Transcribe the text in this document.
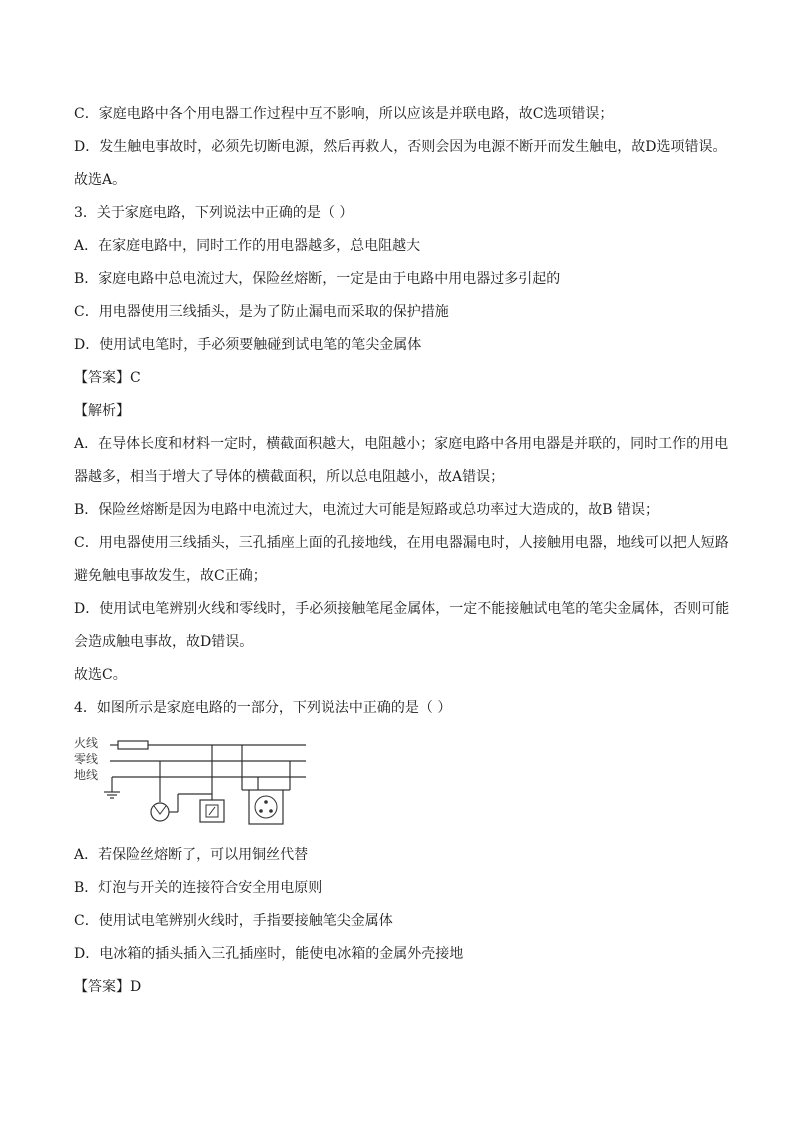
C．家庭电路中各个用电器工作过程中互不影响，所以应该是并联电路，故C选项错误；
D．发生触电事故时，必须先切断电源，然后再救人，否则会因为电源不断开而发生触电，故D选项错误。
故选A。
3．关于家庭电路，下列说法中正确的是（ ）
A．在家庭电路中，同时工作的用电器越多，总电阻越大
B．家庭电路中总电流过大，保险丝熔断，一定是由于电路中用电器过多引起的
C．用电器使用三线插头，是为了防止漏电而采取的保护措施
D．使用试电笔时，手必须要触碰到试电笔的笔尖金属体
【答案】C
【解析】
A．在导体长度和材料一定时，横截面积越大，电阻越小；家庭电路中各用电器是并联的，同时工作的用电
器越多，相当于增大了导体的横截面积，所以总电阻越小，故A错误；
B．保险丝熔断是因为电路中电流过大，电流过大可能是短路或总功率过大造成的，故B 错误；
C．用电器使用三线插头，三孔插座上面的孔接地线，在用电器漏电时，人接触用电器，地线可以把人短路
避免触电事故发生，故C正确；
D．使用试电笔辨别火线和零线时，手必须接触笔尾金属体，一定不能接触试电笔的笔尖金属体，否则可能
会造成触电事故，故D错误。
故选C。
4．如图所示是家庭电路的一部分，下列说法中正确的是（ ）
火线
零线
地线
A．若保险丝熔断了，可以用铜丝代替
B．灯泡与开关的连接符合安全用电原则
C．使用试电笔辨别火线时，手指要接触笔尖金属体
D．电冰箱的插头插入三孔插座时，能使电冰箱的金属外壳接地
【答案】D
